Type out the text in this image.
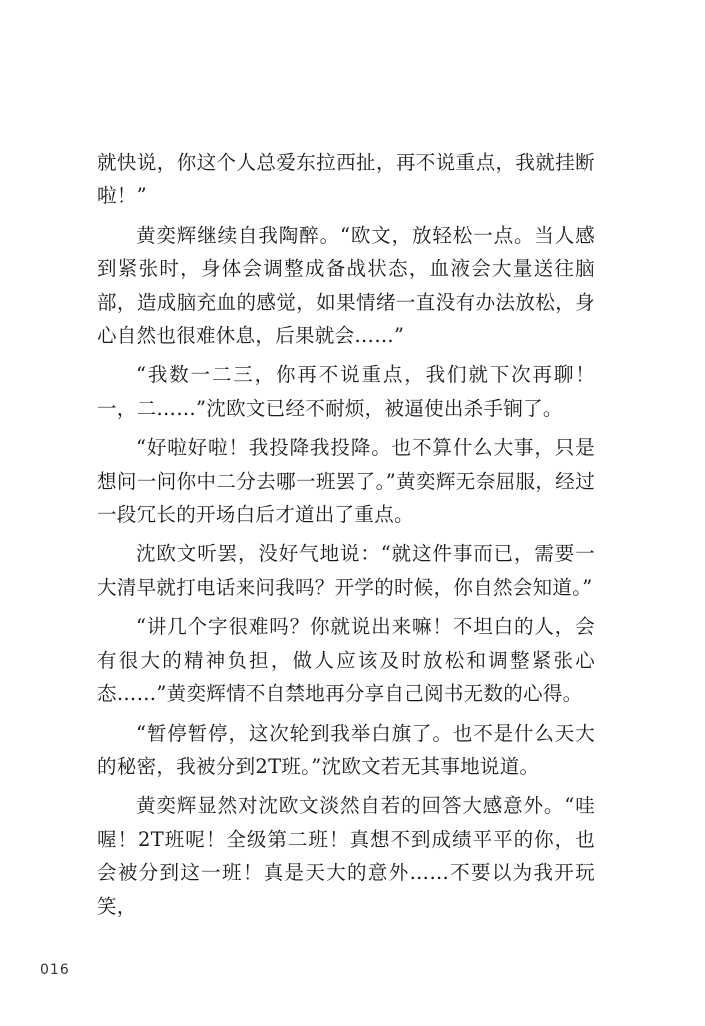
就快说，你这个人总爱东拉西扯，再不说重点，我就挂断啦！”

黄奕辉继续自我陶醉。“欧文，放轻松一点。当人感到紧张时，身体会调整成备战状态，血液会大量送往脑部，造成脑充血的感觉，如果情绪一直没有办法放松，身心自然也很难休息，后果就会……”

“我数一二三，你再不说重点，我们就下次再聊！一，二……”沈欧文已经不耐烦，被逼使出杀手锏了。

“好啦好啦！我投降我投降。也不算什么大事，只是想问一问你中二分去哪一班罢了。”黄奕辉无奈屈服，经过一段冗长的开场白后才道出了重点。

沈欧文听罢，没好气地说：“就这件事而已，需要一大清早就打电话来问我吗？开学的时候，你自然会知道。”

“讲几个字很难吗？你就说出来嘛！不坦白的人，会有很大的精神负担，做人应该及时放松和调整紧张心态……”黄奕辉情不自禁地再分享自己阅书无数的心得。

“暂停暂停，这次轮到我举白旗了。也不是什么天大的秘密，我被分到2T班。”沈欧文若无其事地说道。

黄奕辉显然对沈欧文淡然自若的回答大感意外。“哇喔！2T班呢！全级第二班！真想不到成绩平平的你，也会被分到这一班！真是天大的意外……不要以为我开玩笑，

016
